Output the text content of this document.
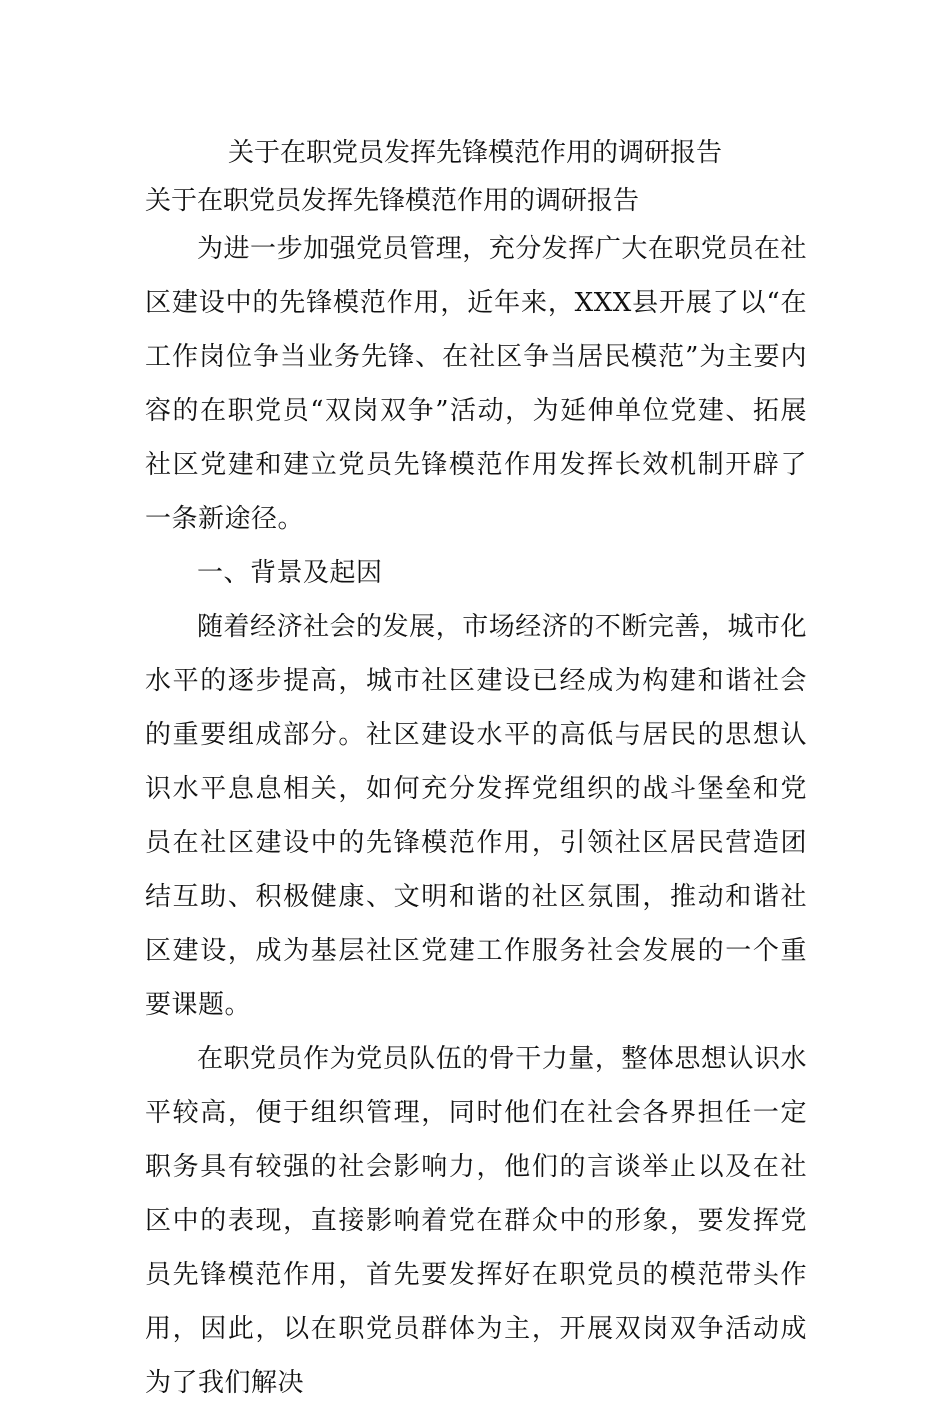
关于在职党员发挥先锋模范作用的调研报告
关于在职党员发挥先锋模范作用的调研报告

为进一步加强党员管理，充分发挥广大在职党员在社区建设中的先锋模范作用，近年来，XXX县开展了以“在工作岗位争当业务先锋、在社区争当居民模范”为主要内容的在职党员“双岗双争”活动，为延伸单位党建、拓展社区党建和建立党员先锋模范作用发挥长效机制开辟了一条新途径。

一、背景及起因

随着经济社会的发展，市场经济的不断完善，城市化水平的逐步提高，城市社区建设已经成为构建和谐社会的重要组成部分。社区建设水平的高低与居民的思想认识水平息息相关，如何充分发挥党组织的战斗堡垒和党员在社区建设中的先锋模范作用，引领社区居民营造团结互助、积极健康、文明和谐的社区氛围，推动和谐社区建设，成为基层社区党建工作服务社会发展的一个重要课题。

在职党员作为党员队伍的骨干力量，整体思想认识水平较高，便于组织管理，同时他们在社会各界担任一定职务具有较强的社会影响力，他们的言谈举止以及在社区中的表现，直接影响着党在群众中的形象，要发挥党员先锋模范作用，首先要发挥好在职党员的模范带头作用，因此，以在职党员群体为主，开展双岗双争活动成为了我们解决
